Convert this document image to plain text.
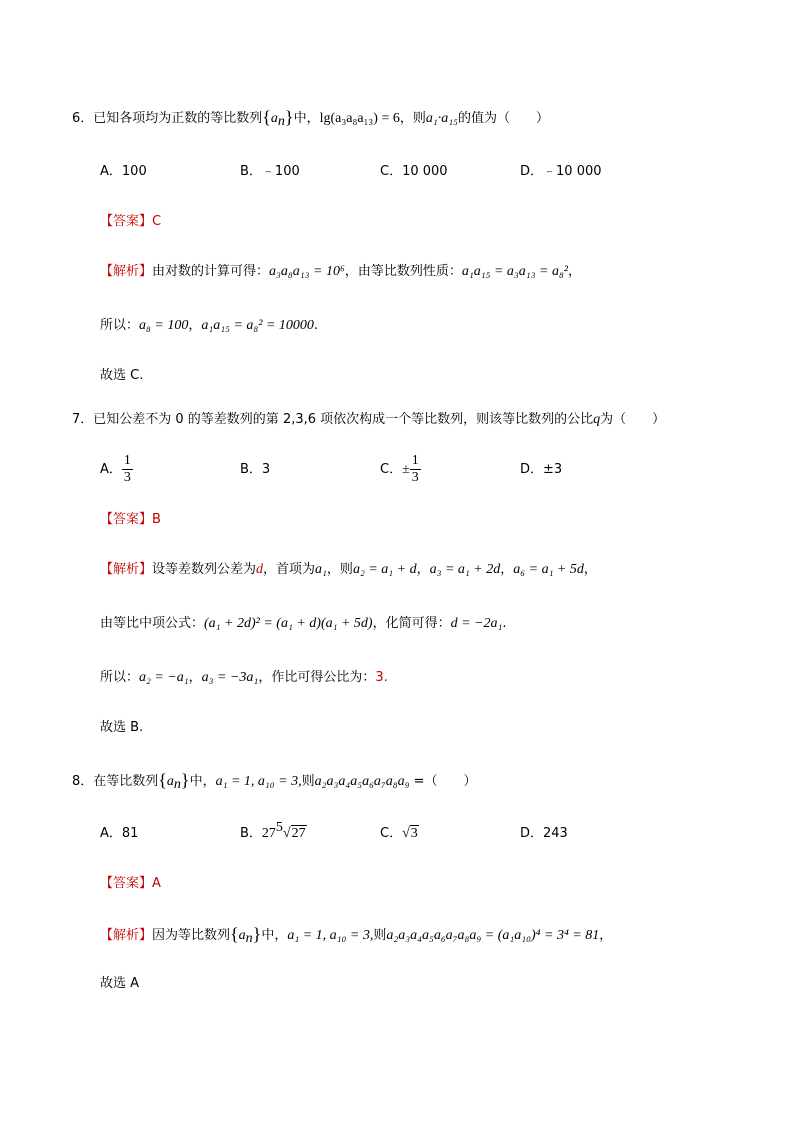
6．已知各项均为正数的等比数列$\{a_n\}$中，lg(a₃a₈a₁₃) = 6，则a₁·a₁₅的值为（　　）
A．100	B．﹣100	C．10 000	D．﹣10 000
【答案】C
【解析】由对数的计算可得：a₃a₈a₁₃ = 10⁶，由等比数列性质：a₁a₁₅ = a₃a₁₃ = a₈²，
所以：a₈ = 100，a₁a₁₅ = a₈² = 10000.
故选 C.
7．已知公差不为 0 的等差数列的第 2,3,6 项依次构成一个等比数列，则该等比数列的公比q为（　　）
A． $\frac{1}{3}$	B．3	C．± $\frac{1}{3}$	D．±3
【答案】B
【解析】设等差数列公差为d，首项为a₁，则a₂ = a₁ + d，a₃ = a₁ + 2d，a₆ = a₁ + 5d，
由等比中项公式：(a₁ + 2d)² = (a₁ + d)(a₁ + 5d)，化简可得：d = −2a₁.
所以：a₂ = −a₁，a₃ = −3a₁，作比可得公比为：3.
故选 B.
8．在等比数列$\{a_n\}$中，a₁ = 1, a₁₀ = 3,则a₂a₃a₄a₅a₆a₇a₈a₉ =（　　）
A．81	B．$27^5√27$	C．√3	D．243
【答案】A
【解析】因为等比数列$\{a_n\}$中，a₁ = 1, a₁₀ = 3,则a₂a₃a₄a₅a₆a₇a₈a₉ = (a₁a₁₀)⁴ = 3⁴ = 81，
故选 A
